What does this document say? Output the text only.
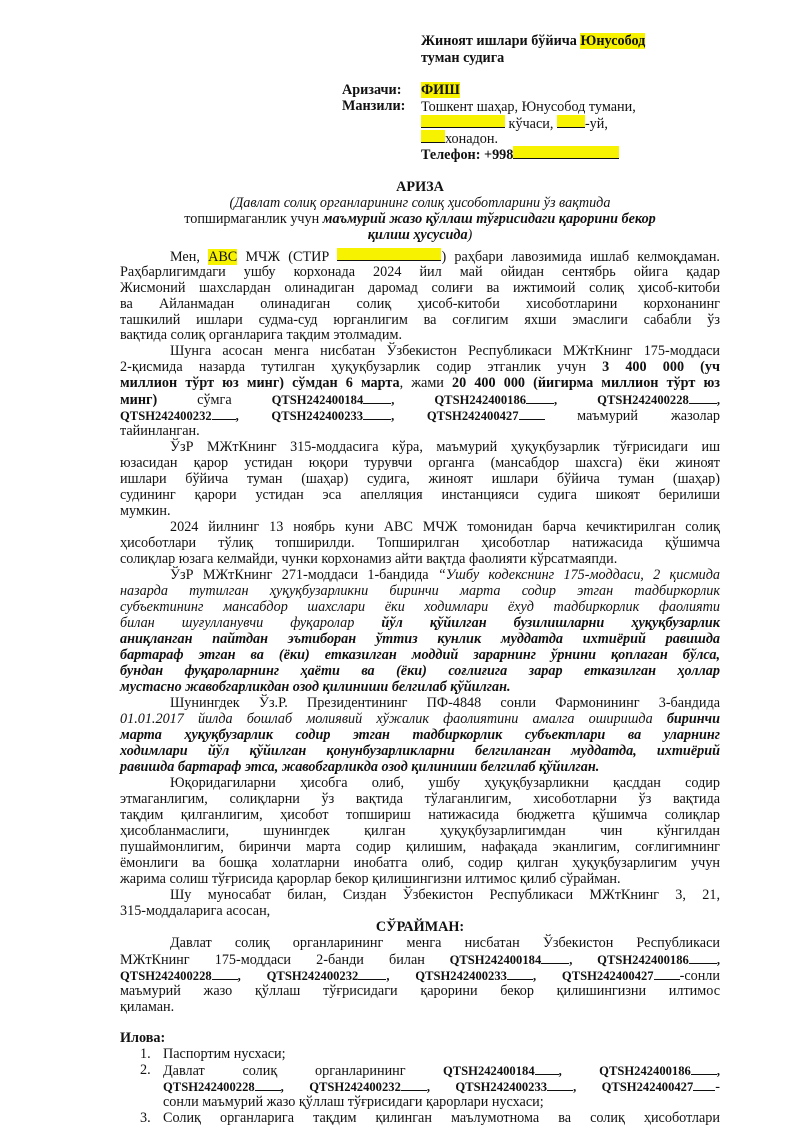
Жиноят ишлари бўйича Юнусобод
туман судига
Аризачи: ФИШ
Манзили: Тошкент шаҳар, Юнусобод тумани,
кўчаси, -уй,
хонадон.
Телефон: +998
АРИЗА
(Давлат солиқ органларининг солиқ ҳисоботларини ўз вақтида
топширмаганлик учун маъмурий жазо қўллаш тўғрисидаги қарорини бекор
қилиш ҳусусида)
Мен, ABC МЧЖ (СТИР	) раҳбари лавозимида ишлаб келмоқдаман.
Раҳбарлигимдаги ушбу корхонада 2024 йил май ойидан сентябрь ойига қадар
Жисмоний шахслардан олинадиган даромад солиғи ва ижтимоий солиқ ҳисоб-китоби
ва Айланмадан олинадиган солиқ ҳисоб-китоби хисоботларини корхонанинг
ташкилий ишлари судма-суд юрганлигим ва соғлигим яхши эмаслиги сабабли ўз
вақтида солиқ органларига тақдим этолмадим.
Шунга асосан менга нисбатан Ўзбекистон Республикаси МЖтКнинг 175-моддаси
2-қисмида назарда тутилган ҳуқуқбузарлик содир этганлик учун 3 400 000 (уч
миллион тўрт юз минг) сўмдан 6 марта, жами 20 400 000 (йигирма миллион тўрт юз
минг)	сўмга	QTSH242400184 ,	QTSH242400186 ,	QTSH242400228 ,
QTSH242400232 ,	QTSH242400233 ,	QTSH242400427	маъмурий жазолар
тайинланган.
ЎзР МЖтКнинг 315-моддасига кўра, маъмурий ҳуқуқбузарлик тўғрисидаги иш
юзасидан қарор устидан юқори турувчи органга (мансабдор шахсга) ёки жиноят
ишлари бўйича туман (шаҳар) судига, жиноят ишлари бўйича туман (шаҳар)
судининг қарори устидан эса апелляция инстанцияси судига шикоят берилиши
мумкин.
2024 йилнинг 13 ноябрь куни ABC МЧЖ томонидан барча кечиктирилган солиқ
ҳисоботлари тўлиқ топширилди. Топширилган ҳисоботлар натижасида қўшимча
солиқлар юзага келмайди, чунки корхонамиз айти вақтда фаолияти кўрсатмаяпди.
ЎзР МЖтКнинг 271-моддаси 1-бандида “Ушбу кодекснинг 175-моддаси, 2 қисмида
назарда тутилган ҳуқуқбузарликни биринчи марта содир этган тадбиркорлик
субъектининг мансабдор шахслари ёки ходимлари ёхуд тадбиркорлик фаолияти
билан шуғулланувчи фуқаролар йўл қўйилган бузилишларни ҳуқуқбузарлик
аниқланган пайтдан эътиборан ўттиз кунлик муддатда ихтиёрий равишда
бартараф этган ва (ёки) етказилган моддий зарарнинг ўрнини қоплаган бўлса,
бундан фуқароларнинг ҳаёти ва (ёки) соғлиғига зарар етказилган ҳоллар
мустасно жавобгарликдан озод қилиниши белгилаб қўйилган.
Шунингдек Ўз.Р. Президентининг ПФ-4848 сонли Фармонининг 3-бандида
01.01.2017 йилда бошлаб молиявий хўжалик фаолиятини амалга оширишда биринчи
марта ҳуқуқбузарлик содир этган тадбиркорлик субъектлари ва уларнинг
ходимлари йўл қўйилган қонунбузарликларни белгиланган муддатда, ихтиёрий
равишда бартараф этса, жавобгарликда озод қилиниши белгилаб қўйилган.
Юқоридагиларни ҳисобга олиб, ушбу ҳуқуқбузарликни қасддан содир
этмаганлигим, солиқларни ўз вақтида тўлаганлигим, хисоботларни ўз вақтида
тақдим қилганлигим, ҳисобот топшириш натижасида бюджетга қўшимча солиқлар
ҳисобланмаслиги, шунингдек қилган ҳуқуқбузарлигимдан чин кўнгилдан
пушаймонлигим, биринчи марта содир қилишим, нафақада эканлигим, соғлигимнинг
ёмонлиги ва бошқа холатларни инобатга олиб, содир қилган ҳуқуқбузарлигим учун
жарима солиш тўғрисида қарорлар бекор қилишингизни илтимос қилиб сўрайман.
Шу муносабат билан, Сиздан Ўзбекистон Республикаси МЖтКнинг 3, 21,
315-моддаларига асосан,
СЎРАЙМАН:
Давлат солиқ органларининг менга нисбатан Ўзбекистон Республикаси
МЖтКнинг 175-моддаси 2-банди билан QTSH242400184 , QTSH242400186 ,
QTSH242400228 , QTSH242400232 , QTSH242400233 , QTSH242400427 -сонли
маъмурий жазо қўллаш тўғрисидаги қарорини бекор қилишингизни илтимос
қиламан.
Илова:
1. Паспортим нусхаси;
2. Давлат солиқ органларининг	QTSH242400184 ,	QTSH242400186 ,
QTSH242400228 , QTSH242400232 , QTSH242400233 , QTSH242400427 -
сонли маъмурий жазо қўллаш тўғрисидаги қарорлари нусхаси;
3. Солиқ органларига тақдим қилинган маълумотнома ва солиқ ҳисоботлари
